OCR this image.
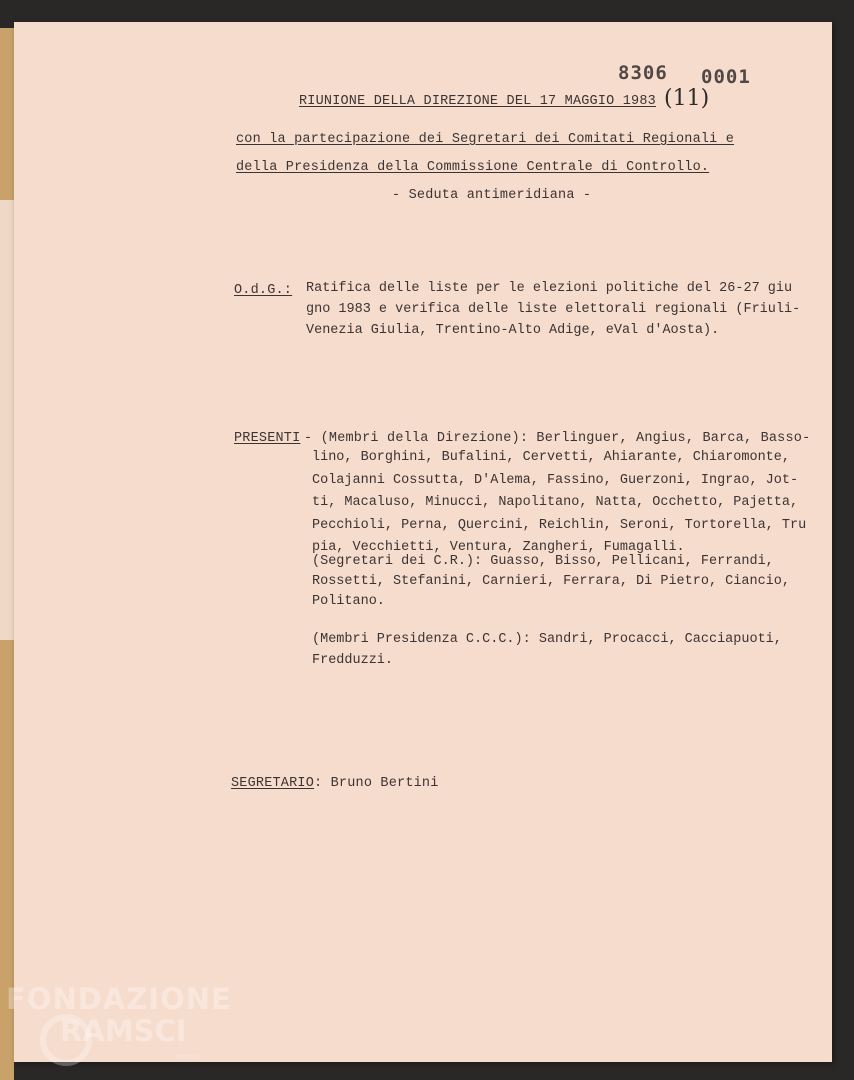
8306 0001
(11)
RIUNIONE DELLA DIREZIONE DEL 17 MAGGIO 1983
con la partecipazione dei Segretari dei Comitati Regionali e
della Presidenza della Commissione Centrale di Controllo.
- Seduta antimeridiana -
O.d.G.: Ratifica delle liste per le elezioni politiche del 26-27 giu
gno 1983 e verifica delle liste elettorali regionali (Friuli-
Venezia Giulia, Trentino-Alto Adige, eVal d'Aosta).
PRESENTI - (Membri della Direzione): Berlinguer, Angius, Barca, Basso-
lino, Borghini, Bufalini, Cervetti, Ahiarante, Chiaromonte,
Colajanni Cossutta, D'Alema, Fassino, Guerzoni, Ingrao, Jot-
ti, Macaluso, Minucci, Napolitano, Natta, Occhetto, Pajetta,
Pecchioli, Perna, Quercini, Reichlin, Seroni, Tortorella, Tru
pia, Vecchietti, Ventura, Zangheri, Fumagalli.
(Segretari dei C.R.): Guasso, Bisso, Pellicani, Ferrandi,
Rossetti, Stefanini, Carnieri, Ferrara, Di Pietro, Ciancio,
Politano.
(Membri Presidenza C.C.C.): Sandri, Procacci, Cacciapuoti,
Fredduzzi.
SEGRETARIO: Bruno Bertini
FONDAZIONE
RAMSCI
onlus
